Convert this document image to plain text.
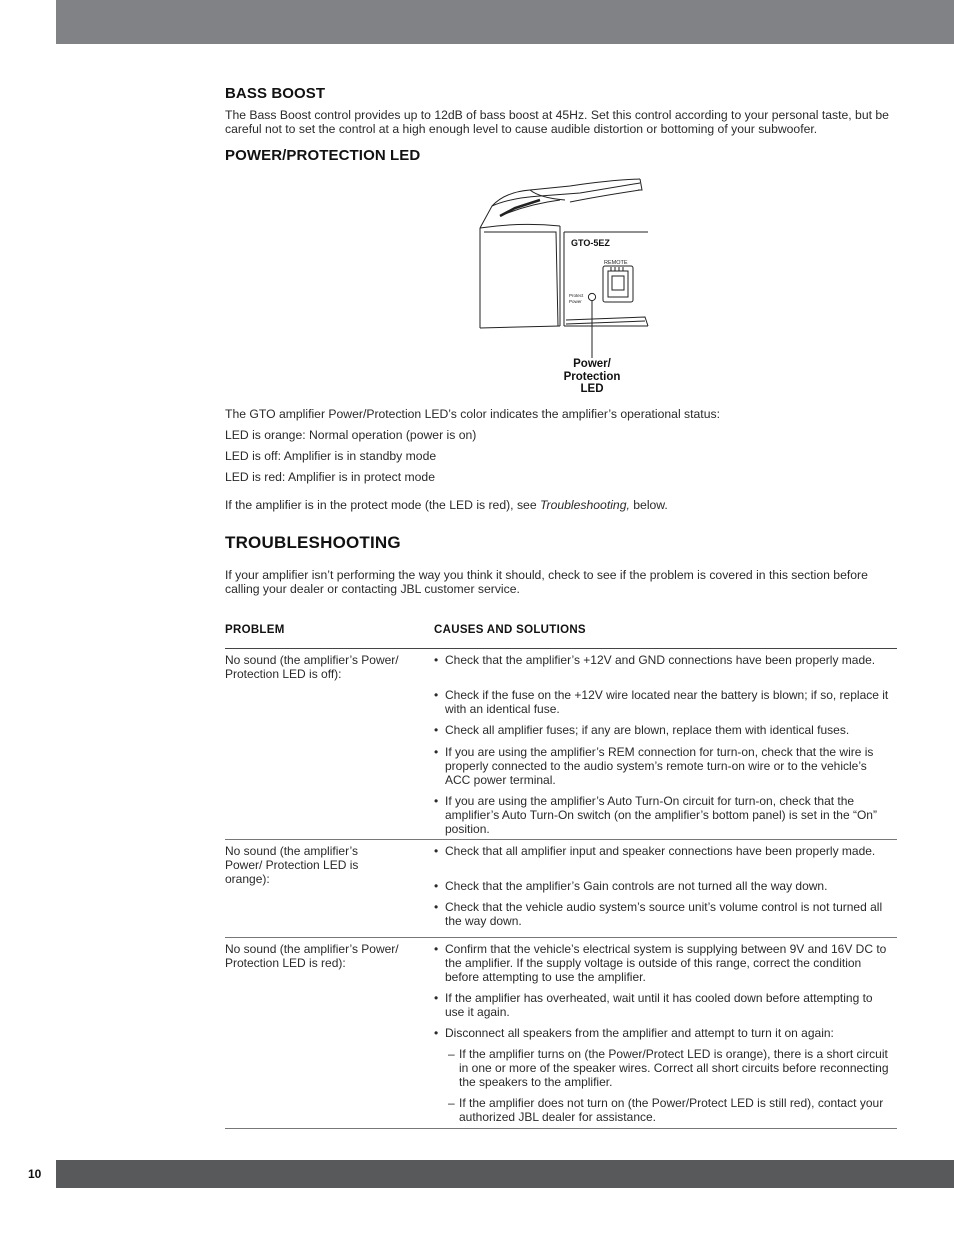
BASS BOOST
The Bass Boost control provides up to 12dB of bass boost at 45Hz. Set this control according to your personal taste, but be careful not to set the control at a high enough level to cause audible distortion or bottoming of your subwoofer.
POWER/PROTECTION LED
The GTO amplifier Power/Protection LED’s color indicates the amplifier’s operational status:
LED is orange: Normal operation (power is on)
LED is off: Amplifier is in standby mode
LED is red: Amplifier is in protect mode
If the amplifier is in the protect mode (the LED is red), see Troubleshooting, below.
TROUBLESHOOTING
If your amplifier isn’t performing the way you think it should, check to see if the problem is covered in this section before calling your dealer or contacting JBL customer service.
GTO-5EZ
REMOTE
Protect
Power
Power/
Protection
LED
PROBLEM	CAUSES AND SOLUTIONS
No sound (the amplifier’s Power/ Protection LED is off):
• Check that the amplifier’s +12V and GND connections have been properly made.
• Check if the fuse on the +12V wire located near the battery is blown; if so, replace it with an identical fuse.
• Check all amplifier fuses; if any are blown, replace them with identical fuses.
• If you are using the amplifier’s REM connection for turn-on, check that the wire is properly connected to the audio system’s remote turn-on wire or to the vehicle’s ACC power terminal.
• If you are using the amplifier’s Auto Turn-On circuit for turn-on, check that the amplifier’s Auto Turn-On switch (on the amplifier’s bottom panel) is set in the “On” position.
No sound (the amplifier’s Power/ Protection LED is orange):
• Check that all amplifier input and speaker connections have been properly made.
• Check that the amplifier’s Gain controls are not turned all the way down.
• Check that the vehicle audio system’s source unit’s volume control is not turned all the way down.
No sound (the amplifier’s Power/ Protection LED is red):
• Confirm that the vehicle’s electrical system is supplying between 9V and 16V DC to the amplifier. If the supply voltage is outside of this range, correct the condition before attempting to use the amplifier.
• If the amplifier has overheated, wait until it has cooled down before attempting to use it again.
• Disconnect all speakers from the amplifier and attempt to turn it on again:
– If the amplifier turns on (the Power/Protect LED is orange), there is a short circuit in one or more of the speaker wires. Correct all short circuits before reconnecting the speakers to the amplifier.
– If the amplifier does not turn on (the Power/Protect LED is still red), contact your authorized JBL dealer for assistance.
10
